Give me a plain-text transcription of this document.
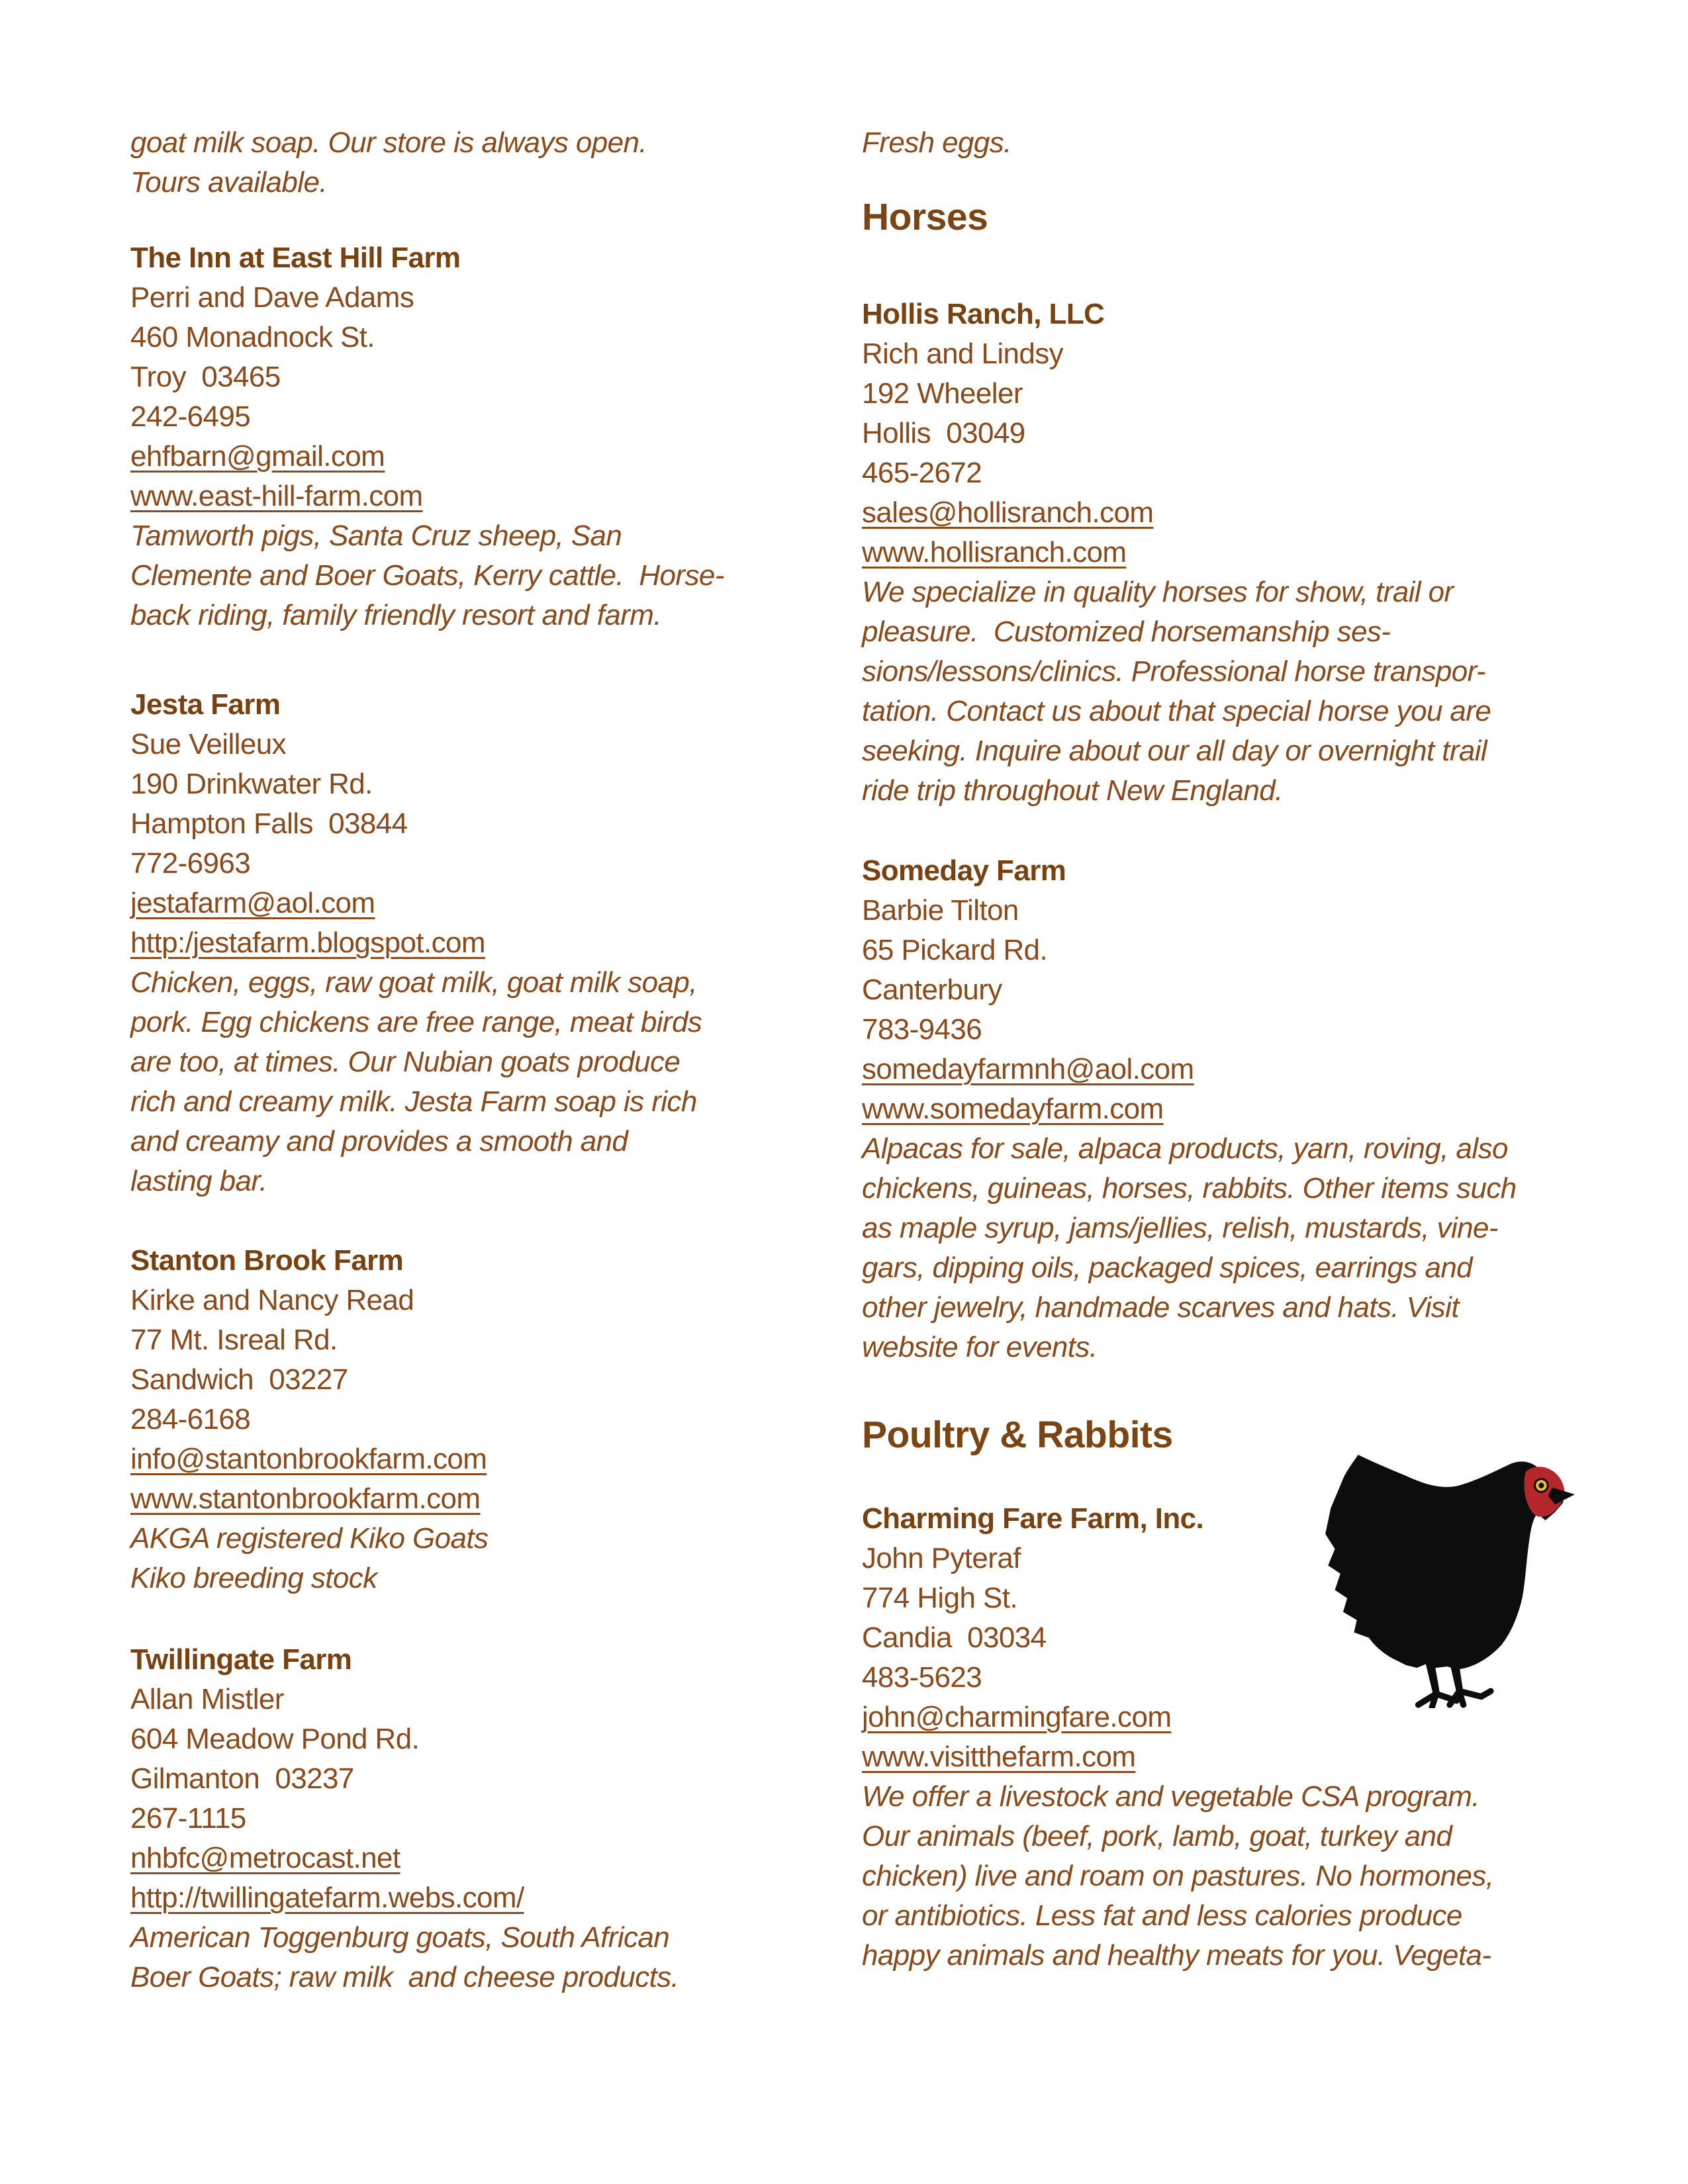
goat milk soap. Our store is always open.
Tours available.
The Inn at East Hill Farm
Perri and Dave Adams
460 Monadnock St.
Troy  03465
242-6495
ehfbarn@gmail.com
www.east-hill-farm.com
Tamworth pigs, Santa Cruz sheep, San
Clemente and Boer Goats, Kerry cattle.  Horse-
back riding, family friendly resort and farm.
Jesta Farm
Sue Veilleux
190 Drinkwater Rd.
Hampton Falls  03844
772-6963
jestafarm@aol.com
http:/jestafarm.blogspot.com
Chicken, eggs, raw goat milk, goat milk soap,
pork. Egg chickens are free range, meat birds
are too, at times. Our Nubian goats produce
rich and creamy milk. Jesta Farm soap is rich
and creamy and provides a smooth and
lasting bar.
Stanton Brook Farm
Kirke and Nancy Read
77 Mt. Isreal Rd.
Sandwich  03227
284-6168
info@stantonbrookfarm.com
www.stantonbrookfarm.com
AKGA registered Kiko Goats
Kiko breeding stock
Twillingate Farm
Allan Mistler
604 Meadow Pond Rd.
Gilmanton  03237
267-1115
nhbfc@metrocast.net
http://twillingatefarm.webs.com/
American Toggenburg goats, South African
Boer Goats; raw milk  and cheese products.
Fresh eggs.
Horses
Hollis Ranch, LLC
Rich and Lindsy
192 Wheeler
Hollis  03049
465-2672
sales@hollisranch.com
www.hollisranch.com
We specialize in quality horses for show, trail or
pleasure.  Customized horsemanship ses-
sions/lessons/clinics. Professional horse transpor-
tation. Contact us about that special horse you are
seeking. Inquire about our all day or overnight trail
ride trip throughout New England.
Someday Farm
Barbie Tilton
65 Pickard Rd.
Canterbury
783-9436
somedayfarmnh@aol.com
www.somedayfarm.com
Alpacas for sale, alpaca products, yarn, roving, also
chickens, guineas, horses, rabbits. Other items such
as maple syrup, jams/jellies, relish, mustards, vine-
gars, dipping oils, packaged spices, earrings and
other jewelry, handmade scarves and hats. Visit
website for events.
Poultry & Rabbits
Charming Fare Farm, Inc.
John Pyteraf
774 High St.
Candia  03034
483-5623
john@charmingfare.com
www.visitthefarm.com
We offer a livestock and vegetable CSA program.
Our animals (beef, pork, lamb, goat, turkey and
chicken) live and roam on pastures. No hormones,
or antibiotics. Less fat and less calories produce
happy animals and healthy meats for you. Vegeta-
